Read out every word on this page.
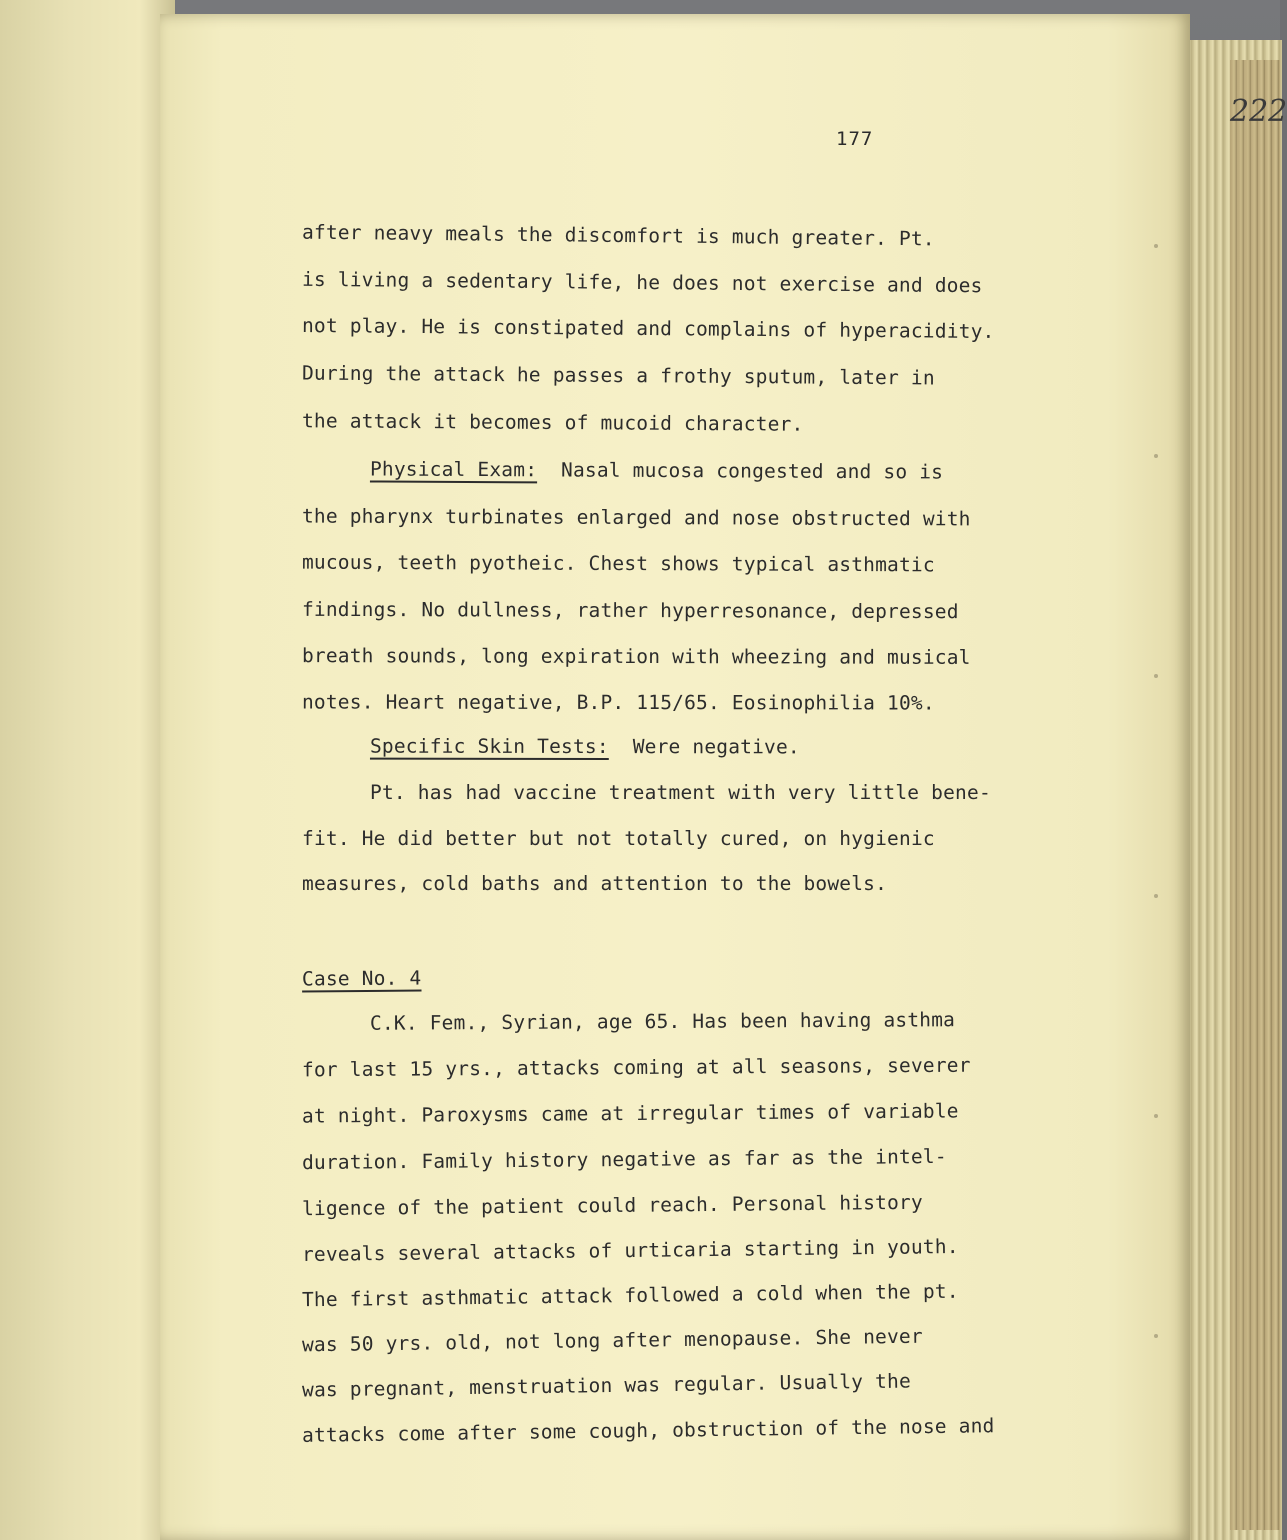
177
222
after neavy meals the discomfort is much greater. Pt.
is living a sedentary life, he does not exercise and does
not play. He is constipated and complains of hyperacidity.
During the attack he passes a frothy sputum, later in
the attack it becomes of mucoid character.
Physical Exam: Nasal mucosa congested and so is
the pharynx turbinates enlarged and nose obstructed with
mucous, teeth pyotheic. Chest shows typical asthmatic
findings. No dullness, rather hyperresonance, depressed
breath sounds, long expiration with wheezing and musical
notes. Heart negative, B.P. 115/65. Eosinophilia 10%.
Specific Skin Tests: Were negative.
Pt. has had vaccine treatment with very little bene-
fit. He did better but not totally cured, on hygienic
measures, cold baths and attention to the bowels.
Case No. 4
C.K. Fem., Syrian, age 65. Has been having asthma
for last 15 yrs., attacks coming at all seasons, severer
at night. Paroxysms came at irregular times of variable
duration. Family history negative as far as the intel-
ligence of the patient could reach. Personal history
reveals several attacks of urticaria starting in youth.
The first asthmatic attack followed a cold when the pt.
was 50 yrs. old, not long after menopause. She never
was pregnant, menstruation was regular. Usually the
attacks come after some cough, obstruction of the nose and
